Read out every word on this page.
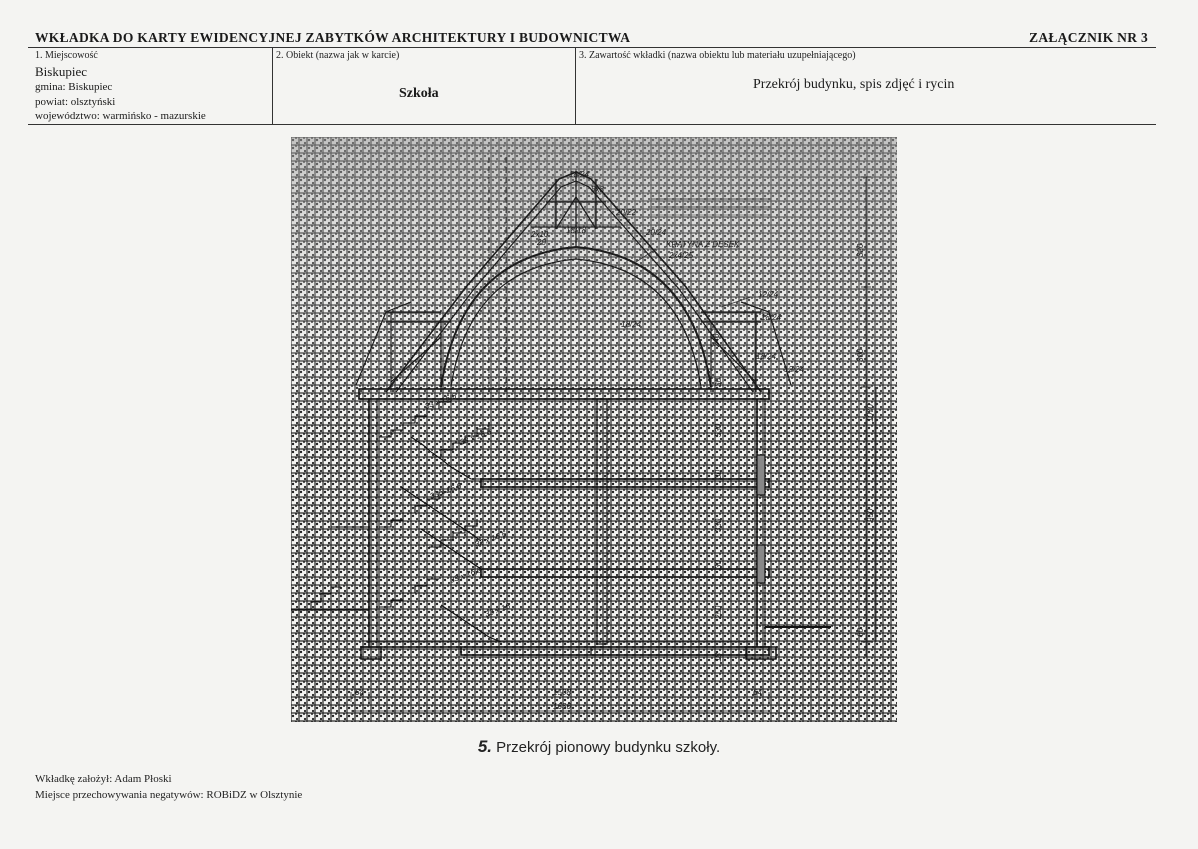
WKŁADKA DO KARTY EWIDENCYJNEJ ZABYTKÓW ARCHITEKTURY I BUDOWNICTWA	ZAŁĄCZNIK NR 3
1. Miejscowość
Biskupiec
gmina: Biskupiec
powiat: olsztyński
województwo: warmińsko - mazurskie
2. Obiekt (nazwa jak w karcie)
Szkoła
3. Zawartość wkładki (nazwa obiektu lub materiału uzupełniającego)
Przekrój budynku, spis zdjęć i rycin
18/24
8x8
20/22
2x10
20
18/18	20/24
KRATYNA Z DESEK
2x4/25
12/24
18/24
18/24
18/24
12/24
33 x 16,6
33 x 16,6
33 x 16,6
33 x 16,6
33 x 16,6
33 x 16
240
30
330
30
330
30
250
18
320
300
1070
950
60
64	1508
1636
64
5. Przekrój pionowy budynku szkoły.
Wkładkę założył: Adam Płoski
Miejsce przechowywania negatywów: ROBiDZ w Olsztynie
